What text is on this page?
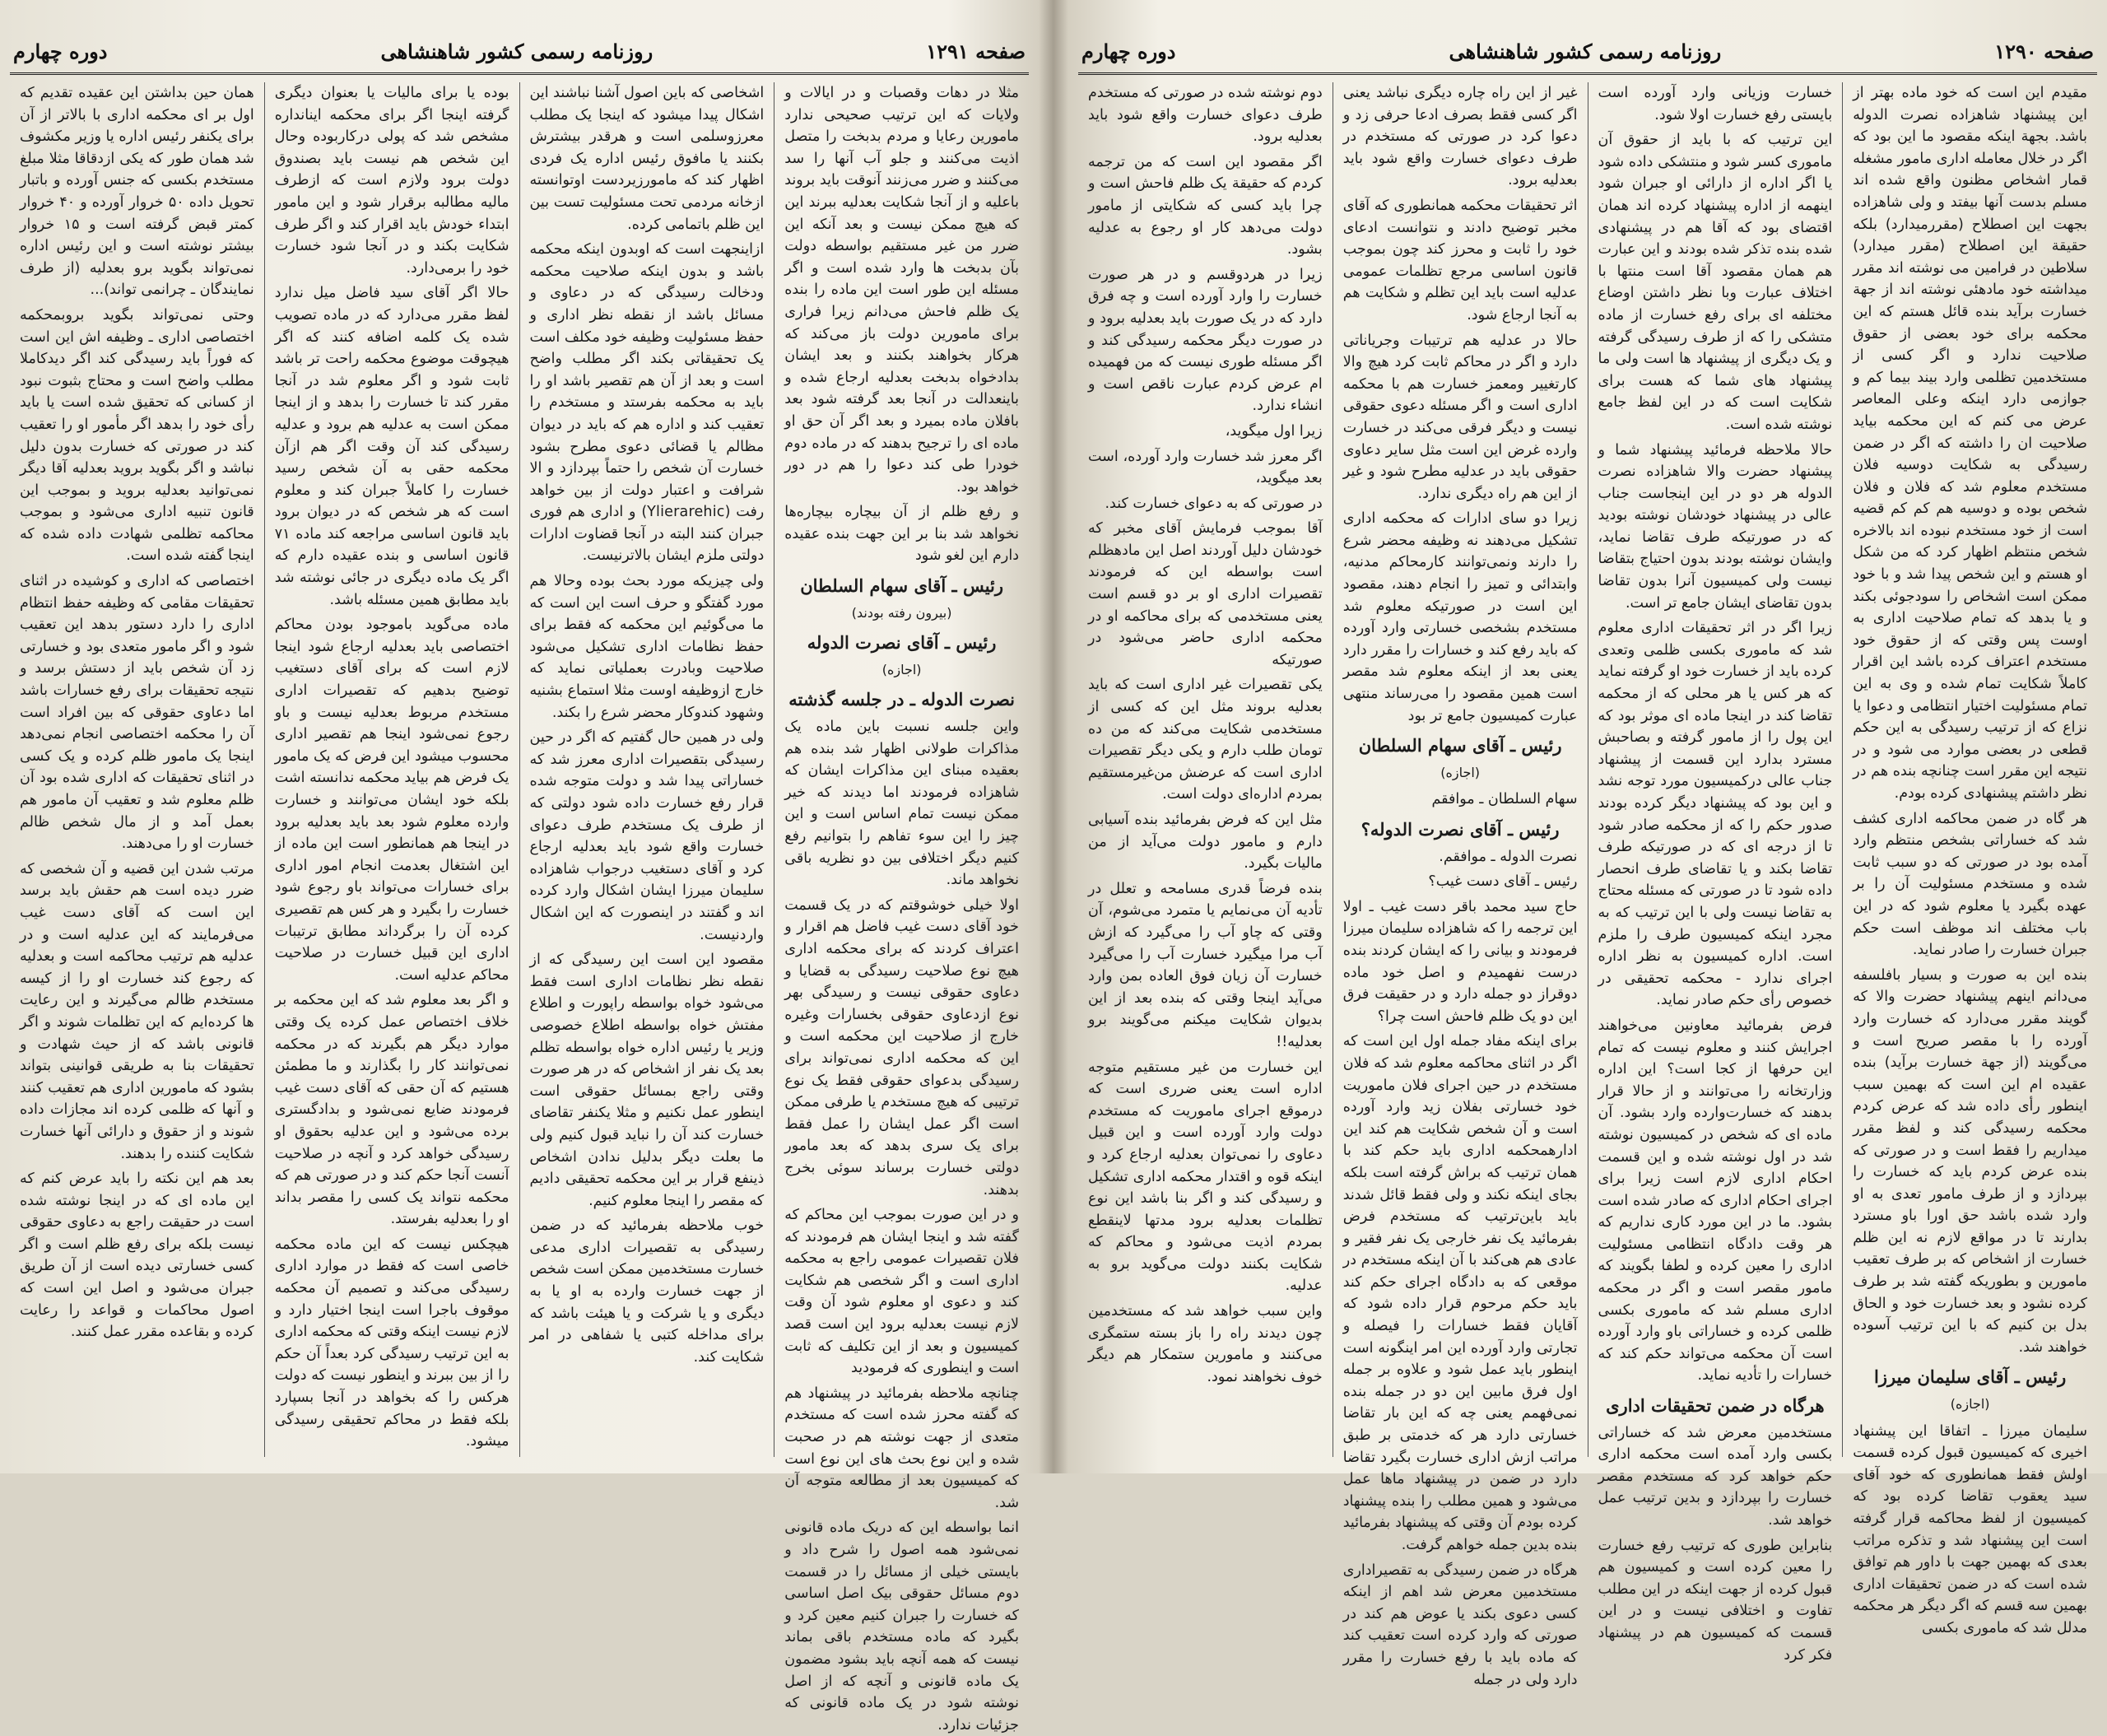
صفحه ۱۲۹۱
روزنامه رسمی کشور شاهنشاهی
دوره چهارم

مثلا در دهات وقصبات و در ایالات و ولایات که این ترتیب صحیحی ندارد مامورین رعایا و مردم بدبخت را متصل اذیت می‌کنند و جلو آب آنها را سد می‌کنند و ضرر می‌زنند آنوقت باید بروند باعلیه و از آنجا شکایت بعدلیه ببرند این که هیچ ممکن نیست و بعد آنکه این ضرر من غیر مستقیم بواسطه دولت بآن بدبخت ها وارد شده است و اگر مسئله این طور است این ماده را بنده یک ظلم فاحش می‌دانم زیرا فراری برای مامورین دولت باز می‌کند که هرکار بخواهند بکنند و بعد ایشان بدادخواه بدبخت بعدلیه ارجاع شده و باینعدالت در آنجا بعد گرفته شود بعد بافلان ماده بمیرد و بعد اگر آن حق او ماده ای را ترجیح بدهند که در ماده دوم خودرا طی کند دعوا را هم در دور خواهد بود.

و رفع ظلم از آن بیچاره بیچاره‌ها نخواهد شد بنا بر این جهت بنده عقیده دارم این لغو شود

رئیس ـ آقای سهام السلطان
(بیرون رفته بودند)
رئیس ـ آقای نصرت الدوله
(اجازه)
نصرت الدوله ـ در جلسه گذشته

واین جلسه نسبت باین ماده یک مذاکرات طولانی اظهار شد بنده هم بعقیده مبنای این مذاکرات ایشان که شاهزاده فرمودند اما دیدند که خیر ممکن نیست تمام اساس است و این چیز را این سوء تفاهم را بتوانیم رفع کنیم دیگر اختلافی بین دو نظریه باقی نخواهد ماند.

اولا خیلی خوشوقتم که در یک قسمت خود آقای دست غیب فاضل هم اقرار و اعتراف کردند که برای محکمه اداری هیچ نوع صلاحیت رسیدگی به قضایا و دعاوی حقوقی نیست و رسیدگی بهر نوع ازدعاوی حقوقی بخسارات وغیره خارج از صلاحیت این محکمه است و این که محکمه اداری نمی‌تواند برای رسیدگی بدعوای حقوقی فقط یک نوع ترتیبی که هیچ مستخدم یا طرفی ممکن است اگر عمل ایشان را عمل فقط برای یک سری بدهد که بعد مامور دولتی خسارت برساند سوئی بخرج بدهند.

و در این صورت بموجب این محاکم که گفته شد و اینجا ایشان هم فرمودند که فلان تقصیرات عمومی راجع به محکمه اداری است و اگر شخصی هم شکایت کند و دعوی او معلوم شود آن وقت لازم نیست بعدلیه برود این است قصد کمیسیون و بعد از این تکلیف که ثابت است و اینطوری که فرمودید

چنانچه ملاحظه بفرمائید در پیشنهاد هم که گفته محرز شده است که مستخدم متعدی از جهت نوشته هم در صحبت شده و این نوع بحث های این نوع است که کمیسیون بعد از مطالعه متوجه آن شد.

انما بواسطه این که دریک ماده قانونی نمی‌شود همه اصول را شرح داد و بایستی خیلی از مسائل را در قسمت دوم مسائل حقوقی بیک اصل اساسی که خسارت را جبران کنیم معین کرد و بگیرد که ماده مستخدم باقی بماند نیست که همه آنچه باید بشود مضمون یک ماده قانونی و آنچه که از اصل نوشته شود در یک ماده قانونی که جزئیات ندارد.

اشخاصی که باین اصول آشنا نباشند این اشکال پیدا میشود که اینجا یک مطلب معرزوسلمی است و هرقدر بیشترش بکنند یا مافوق رئیس اداره یک فردی اظهار کند که مامورزیردست اوتوانسته ازخانه مردمی تحت مسئولیت تست بین این ظلم باتمامی کرده.

ازاینجهت است که اوبدون اینکه محکمه باشد و بدون اینکه صلاحیت محکمه ودخالت رسیدگی که در دعاوی و مسائل باشد از نقطه نظر اداری و حفظ مسئولیت وظیفه خود مکلف است یک تحقیقاتی بکند اگر مطلب واضح است و بعد از آن هم تقصیر باشد او را باید به محکمه بفرستد و مستخدم را تعقیب کند و اداره هم که باید در دیوان مظالم یا قضائی دعوی مطرح بشود خسارت آن شخص را حتماً بپردازد و الا شرافت و اعتبار دولت از بین خواهد رفت (Ylierarehic) و اداری هم فوری جبران کنند البته در آنجا قضاوت ادارات دولتی ملزم ایشان بالاترنیست.

ولی چیزیکه مورد بحث بوده وحالا هم مورد گفتگو و حرف است این است که ما می‌گوئیم این محکمه که فقط برای حفظ نظامات اداری تشکیل می‌شود صلاحیت وبادرت بعملیاتی نماید که خارج ازوظیفه اوست مثلا استماع بشنیه وشهود کندوکار محضر شرع را بکند.

ولی در همین حال گفتیم که اگر در حین رسیدگی بتقصیرات اداری معرز شد که خساراتی پیدا شد و دولت متوجه شده قرار رفع خسارت داده شود دولتی که از طرف یک مستخدم طرف دعوای خسارت واقع شود باید بعدلیه ارجاع کرد و آقای دستغیب درجواب شاهزاده سلیمان میرزا ایشان اشکال وارد کرده اند و گفتند در اینصورت که این اشکال واردنیست.

مقصود این است این رسیدگی که از نقطه نظر نظامات اداری است فقط می‌شود خواه بواسطه راپورت و اطلاع مفتش خواه بواسطه اطلاع خصوصی وزیر یا رئیس اداره خواه بواسطه تظلم بعد یک نفر از اشخاص که در هر صورت وقتی راجع بمسائل حقوقی است اینطور عمل نکنیم و مثلا یکنفر تقاضای خسارت کند آن را نباید قبول کنیم ولی ما بعلت دیگر بدلیل ندادن اشخاص ذینفع قرار بر این محکمه تحقیقی دادیم که مقصر را اینجا معلوم کنیم.

خوب ملاحظه بفرمائید که در ضمن رسیدگی به تقصیرات اداری مدعی خسارت مستخدمین ممکن است شخص از جهت خسارت وارده به او یا به دیگری و یا شرکت و یا هیئت باشد که برای مداخله کتبی یا شفاهی در امر شکایت کند.

بوده یا برای مالیات یا بعنوان دیگری گرفته اینجا اگر برای محکمه اینانداره مشخص شد که پولی درکاربوده وحال این شخص هم نیست باید بصندوق دولت برود ولازم است که ازطرف مالیه مطالبه برقرار شود و این مامور ابتداء خودش باید اقرار کند و اگر طرف شکایت بکند و در آنجا شود خسارت خود را برمی‌دارد.

حالا اگر آقای سید فاضل میل ندارد لفظ مقرر می‌دارد که در ماده تصویب شده یک کلمه اضافه کنند که اگر هیچوقت موضوع محکمه راحت تر باشد ثابت شود و اگر معلوم شد در آنجا مقرر کند تا خسارت را بدهد و از اینجا ممکن است به عدلیه هم برود و عدلیه رسیدگی کند آن وقت اگر هم ازآن محکمه حقی به آن شخص رسید خسارت را کاملاً جبران کند و معلوم است که هر شخص که در دیوان برود باید قانون اساسی مراجعه کند ماده ۷۱ قانون اساسی و بنده عقیده دارم که اگر یک ماده دیگری در جائی نوشته شد باید مطابق همین مسئله باشد.

ماده می‌گوید باموجود بودن محاکم اختصاصی باید بعدلیه ارجاع شود اینجا لازم است که برای آقای دستغیب توضیح بدهیم که تقصیرات اداری مستخدم مربوط بعدلیه نیست و باو رجوع نمی‌شود اینجا هم تقصیر اداری محسوب میشود این فرض که یک مامور یک فرض هم بیاید محکمه ندانسته اشت بلکه خود ایشان می‌توانند و خسارت وارده معلوم شود بعد باید بعدلیه برود در اینجا هم همانطور است این ماده از این اشتغال بعدمت انجام امور اداری برای خسارات می‌تواند باو رجوع شود خسارت را بگیرد و هر کس هم تقصیری کرده آن را برگرداند مطابق ترتیبات اداری این قبیل خسارت در صلاحیت محاکم عدلیه است.

و اگر بعد معلوم شد که این محکمه بر خلاف اختصاص عمل کرده یک وقتی موارد دیگر هم بگیرند که در محکمه نمی‌توانند کار را بگذارند و ما مطمئن هستیم که آن حقی که آقای دست غیب فرمودند ضایع نمی‌شود و بدادگستری برده می‌شود و این عدلیه بحقوق او رسیدگی خواهد کرد و آنچه در صلاحیت آنست آنجا حکم کند و در صورتی هم که محکمه نتواند یک کسی را مقصر بداند او را بعدلیه بفرستد.

هیچکس نیست که این ماده محکمه خاصی است که فقط در موارد اداری رسیدگی می‌کند و تصمیم آن محکمه موقوف باجرا است اینجا اختیار دارد و لازم نیست اینکه وقتی که محکمه اداری به این ترتیب رسیدگی کرد بعداً آن حکم را از بین ببرند و اینطور نیست که دولت هرکس را که بخواهد در آنجا بسپارد بلکه فقط در محاکم تحقیقی رسیدگی میشود.

همان حین بداشتن این عقیده تقدیم که اول بر ای محکمه اداری با بالاتر از آن برای یکنفر رئیس اداره یا وزیر مکشوف شد همان طور که یکی ازدقاقا مثلا مبلغ مستخدم بکسی که جنس آورده و باتبار تحویل داده ۵۰ خروار آورده و ۴۰ خروار کمتر قبض گرفته است و ۱۵ خروار بیشتر نوشته است و این رئیس اداره نمی‌تواند بگوید برو بعدلیه (از طرف نمایندگان ـ چرانمی تواند)...

وحتی نمی‌تواند بگوید بروبمحکمه اختصاصی اداری ـ وظیفه اش این است که فوراً باید رسیدگی کند اگر دیدکاملا مطلب واضح است و محتاج بثبوت نبود از کسانی که تحقیق شده است یا باید رأی خود را بدهد اگر مأمور او را تعقیب کند در صورتی که خسارت بدون دلیل نباشد و اگر بگوید بروید بعدلیه آقا دیگر نمی‌توانید بعدلیه بروید و بموجب این قانون تنبیه اداری می‌شود و بموجب محاکمه تظلمی شهادت داده شده که اینجا گفته شده است.

اختصاصی که اداری و کوشیده در اثنای تحقیقات مقامی که وظیفه حفظ انتظام اداری را دارد دستور بدهد این تعقیب شود و اگر مامور متعدی بود و خسارتی زد آن شخص باید از دستش برسد و نتیجه تحقیقات برای رفع خسارات باشد اما دعاوی حقوقی که بین افراد است آن را محکمه اختصاصی انجام نمی‌دهد اینجا یک مامور ظلم کرده و یک کسی در اثنای تحقیقات که اداری شده بود آن ظلم معلوم شد و تعقیب آن مامور هم بعمل آمد و از مال شخص ظالم خسارت او را می‌دهند.

مرتب شدن این قضیه و آن شخصی که ضرر دیده است هم حقش باید برسد این است که آقای دست غیب می‌فرمایند که این عدلیه است و در عدلیه هم ترتیب محاکمه است و بعدلیه که رجوع کند خسارت او را از کیسه مستخدم ظالم می‌گیرند و این رعایت ها کرده‌ایم که این تظلمات شوند و اگر قانونی باشد که از حیث شهادت و تحقیقات بنا به طریقی قوانینی بتواند بشود که مامورین اداری هم تعقیب کنند و آنها که ظلمی کرده اند مجازات داده شوند و از حقوق و دارائی آنها خسارت شکایت کننده را بدهند.

بعد هم این نکته را باید عرض کنم که این ماده ای که در اینجا نوشته شده است در حقیقت راجع به دعاوی حقوقی نیست بلکه برای رفع ظلم است و اگر کسی خسارتی دیده است از آن طریق جبران می‌شود و اصل این است که اصول محاکمات و قواعد را رعایت کرده و بقاعده مقرر عمل کنند.

صفحه ۱۲۹۰
روزنامه رسمی کشور شاهنشاهی
دوره چهارم

مقیدم این است که خود ماده بهتر از این پیشنهاد شاهزاده نصرت الدوله باشد. بجهة اینکه مقصود ما این بود که اگر در خلال معامله اداری مامور مشغله قمار اشخاص مظنون واقع شده اند مسلم بدست آنها بیفتد و ولی شاهزاده بجهت این اصطلاح (مقررمیدارد) بلکه حقیقة این اصطلاح (مقرر میدارد) سلاطین در فرامین می نوشته اند مقرر میداشته خود مادهئی نوشته اند از جهة خسارت برآید بنده قائل هستم که این محکمه برای خود بعضی از حقوق صلاحیت ندارد و اگر کسی از مستخدمین تظلمی وارد بیند بیما کم و جوازمی دارد اینکه وعلی المعاصر عرض می کنم که این محکمه بیاید صلاحیت ان را داشته که اگر در ضمن رسیدگی به شکایت دوسیه فلان مستخدم معلوم شد که فلان و فلان شخص بوده و دوسیه هم کم کم قضیه است از خود مستخدم نبوده اند بالاخره شخص منتظم اظهار کرد که من شکل او هستم و این شخص پیدا شد و با خود ممکن است اشخاص را سودجوئی بکند و یا بدهد که تمام صلاحیت اداری به اوست پس وقتی که از حقوق خود مستخدم اعتراف کرده باشد این اقرار کاملاً شکایت تمام شده و وی به این تمام مسئولیت اختیار انتظامی و دعوا یا نزاع که از ترتیب رسیدگی به این حکم قطعی در بعضی موارد می شود و در نتیجه این مقرر است چنانچه بنده هم در نظر داشتم پیشنهادی کرده بودم.

هر گاه در ضمن محاکمه اداری کشف شد که خساراتی بشخص منتظم وارد آمده بود در صورتی که دو سبب ثابت شده و مستخدم مسئولیت آن را بر عهده بگیرد یا معلوم شود که در این باب مختلف اند موظف است حکم جبران خسارت را صادر نماید.

بنده این به صورت و بسیار بافلسفه می‌دانم اینهم پیشنهاد حضرت والا که گویند مقرر می‌دارد که خسارت وارد آورده را با مقصر صریح است و می‌گویند (از جهة خسارت برآید) بنده عقیده ام این است که بهمین سبب اینطور رأی داده شد که عرض کردم محکمه رسیدگی کند و لفظ مقرر میداریم را فقط است و در صورتی که بنده عرض کردم باید که خسارت را بپردازد و از طرف مامور تعدی به او وارد شده باشد حق اورا باو مسترد بدارند تا در مواقع لازم نه این ظلم خسارت از اشخاص که بر طرف تعقیب مامورین و بطوریکه گفته شد بر طرف کرده نشود و بعد خسارت خود و الحاق بدل بن کنیم که با این ترتیب آسوده خواهند شد.

رئیس ـ آقای سلیمان میرزا
(اجازه)

سلیمان میرزا ـ اتفاقا این پیشنهاد اخیری که کمیسیون قبول کرده قسمت اولش فقط همانطوری که خود آقای سید یعقوب تقاضا کرده بود که کمیسیون از لفظ محاکمه قرار گرفته است این پیشنهاد شد و تذکره مراتب بعدی که بهمین جهت با داور هم توافق شده است که در ضمن تحقیقات اداری بهمین سه قسم که اگر دیگر هر محکمه مدلل شد که ماموری بکسی

خسارت وزیانی وارد آورده است بایستی رفع خسارت اولا شود.

این ترتیب که با باید از حقوق آن ماموری کسر شود و منتشکی داده شود یا اگر اداره از دارائی او جبران شود اینهمه از اداره پیشنهاد کرده اند همان اقتضای بود که آقا هم در پیشنهادی شده بنده تذکر شده بودند و این عبارت هم همان مقصود آقا است منتها با اختلاف عبارت وبا نظر داشتن اوضاع مختلفه ای برای رفع خسارت از ماده متشکی را که از طرف رسیدگی گرفته و یک دیگری از پیشنهاد ها است ولی ما پیشنهاد های شما که هست برای شکایت است که در این لفظ جامع نوشته شده است.

حالا ملاحظه فرمائید پیشنهاد شما و پیشنهاد حضرت والا شاهزاده نصرت الدوله هر دو در این اینجاست جناب عالی در پیشنهاد خودشان نوشته بودید که در صورتیکه طرف تقاضا نماید، وایشان نوشته بودند بدون احتیاج بتقاضا نیست ولی کمیسیون آنرا بدون تقاضا بدون تقاضای ایشان جامع تر است.

زیرا اگر در اثر تحقیقات اداری معلوم شد که ماموری بکسی ظلمی وتعدی کرده باید از خسارت خود او گرفته نماید که هر کس یا هر محلی که از محکمه تقاضا کند در اینجا ماده ای موثر بود که این پول را از مامور گرفته و بصاحبش مسترد بدارد این قسمت از پیشنهاد جناب عالی درکمیسیون مورد توجه نشد و این بود که پیشنهاد دیگر کرده بودند صدور حکم را که از محکمه صادر شود تا از درجه ای که در صورتیکه طرف تقاضا بکند و یا تقاضای طرف انحصار داده شود تا در صورتی که مسئله محتاج به تقاضا نیست ولی با این ترتیب که به مجرد اینکه کمیسیون طرف را ملزم است. اداره کمیسیون به نظر اداره اجرای ندارد - محکمه تحقیقی در خصوص رأی حکم صادر نماید.

فرض بفرمائید معاونین می‌خواهند اجرایش کنند و معلوم نیست که تمام این حرفها از کجا است؟ این اداره وزارتخانه را می‌توانند و از حالا قرار بدهند که خسارت‌وارده وارد بشود. آن ماده ای که شخص در کمیسیون نوشته شد در اول نوشته شده و این قسمت احکام اداری لازم است زیرا برای اجرای احکام اداری که صادر شده است بشود. ما در این مورد کاری نداریم که هر وقت دادگاه انتظامی مسئولیت اداری را معین کرده و لطفا بگویند که مامور مقصر است و اگر در محکمه اداری مسلم شد که ماموری بکسی ظلمی کرده و خساراتی باو وارد آورده است آن محکمه می‌تواند حکم کند که خسارات را تأدیه نماید.

هرگاه در ضمن تحقیقات اداری

مستخدمین معرض شد که خساراتی بکسی وارد آمده است محکمه اداری حکم خواهد کرد که مستخدم مقصر خسارت را بپردازد و بدین ترتیب عمل خواهد شد.

بنابراین طوری که ترتیب رفع خسارت را معین کرده است و کمیسیون هم قبول کرده از جهت اینکه در این مطلب تفاوت و اختلافی نیست و در این قسمت که کمیسیون هم در پیشنهاد فکر کرد

غیر از این راه چاره دیگری نباشد یعنی اگر کسی فقط بصرف ادعا حرفی زد و دعوا کرد در صورتی که مستخدم در طرف دعوای خسارت واقع شود باید بعدلیه برود.

اثر تحقیقات محکمه همانطوری که آقای مخبر توضیح دادند و نتوانست ادعای خود را ثابت و محرز کند چون بموجب قانون اساسی مرجع تظلمات عمومی عدلیه است باید این تظلم و شکایت هم به آنجا ارجاع شود.

حالا در عدلیه هم ترتیبات وجریاناتی دارد و اگر در محاکم ثابت کرد هیچ والا کارتغییر ومعمز خسارت هم با محکمه اداری است و اگر مسئله دعوی حقوقی نیست و دیگر فرقی می‌کند در خسارت وارده غرض این است مثل سایر دعاوی حقوقی باید در عدلیه مطرح شود و غیر از این هم راه دیگری ندارد.

زیرا دو سای ادارات که محکمه اداری تشکیل می‌دهند نه وظیفه محضر شرع را دارند ونمی‌توانند کارمحاکم مدنیه، وابتدائی و تمیز را انجام دهند، مقصود این است در صورتیکه معلوم شد مستخدم بشخصی خسارتی وارد آورده که باید رفع کند و خسارات را مقرر دارد یعنی بعد از اینکه معلوم شد مقصر است همین مقصود را می‌رساند منتهی عبارت کمیسیون جامع تر بود

رئیس ـ آقای سهام السلطان
(اجازه)

سهام السلطان ـ موافقم

رئیس ـ آقای نصرت الدوله؟

نصرت الدوله ـ موافقم.

رئیس ـ آقای دست غیب؟

حاج سید محمد باقر دست غیب ـ اولا این ترجمه را که شاهزاده سلیمان میرزا فرمودند و بیانی را که ایشان کردند بنده درست نفهمیدم و اصل خود ماده دوقراز دو جمله دارد و در حقیقت فرق این دو یک ظلم فاحش است چرا؟

برای اینکه مفاد جمله اول این است که اگر در اثنای محاکمه معلوم شد که فلان مستخدم در حین اجرای فلان ماموریت خود خسارتی بفلان زید وارد آورده است و آن شخص شکایت هم کند این ادارهمحکمه اداری باید حکم کند با همان ترتیب که براش گرفته است بلکه بجای اینکه نکند و ولی فقط قائل شدند باید باین‌ترتیب که مستخدم فرض بفرمائید یک نفر خارجی یک نفر فقیر و عادی هم هی‌کند با آن اینکه مستخدم در موقعی که به دادگاه اجرای حکم کند باید حکم مرحوم قرار داده شود که آقایان فقط خسارات را فیصله و تجارتی وارد آورده این امر اینگونه است اینطور باید عمل شود و علاوه بر جمله اول فرق مابین این دو در جمله بنده نمی‌فهمم یعنی چه که این بار تقاضا خسارتی دارد هر که خدمتی بر طبق مراتب ازش اداری خسارت بگیرد تقاضا دارد در ضمن در پیشنهاد ماها عمل می‌شود و همین مطلب را بنده پیشنهاد کرده بودم آن وقتی که پیشنهاد بفرمائید بنده بدین جمله خواهم گرفت.

هرگاه در ضمن رسیدگی به تقصیراداری مستخدمین معرض شد اهم از اینکه کسی دعوی بکند یا عوض هم کند در صورتی که وارد کرده است تعقیب کند که ماده باید با رفع خسارت را مقرر دارد ولی در جمله

دوم نوشته شده در صورتی که مستخدم طرف دعوای خسارت واقع شود باید بعدلیه برود.

اگر مقصود این است که من ترجمه کردم که حقیقة یک ظلم فاحش است و چرا باید کسی که شکایتی از مامور دولت می‌دهد کار او رجوع به عدلیه بشود.

زیرا در هردوقسم و در هر صورت خسارت را وارد آورده است و چه فرق دارد که در یک صورت باید بعدلیه برود و در صورت دیگر محکمه رسیدگی کند و اگر مسئله طوری نیست که من فهمیده ام عرض کردم عبارت ناقص است و انشاء ندارد.

زیرا اول میگوید،

اگر معرز شد خسارت وارد آورده، است بعد میگوید،

در صورتی که به دعوای خسارت کند.

آقا بموجب فرمایش آقای مخبر که خودشان دلیل آوردند اصل این مادهظلم است بواسطه این که فرمودند تقصیرات اداری او بر دو قسم است یعنی مستخدمی که برای محاکمه او در محکمه اداری حاضر می‌شود در صورتیکه

یکی تقصیرات غیر اداری است که باید بعدلیه بروند مثل این که کسی از مستخدمی شکایت می‌کند که من ده تومان طلب دارم و یکی دیگر تقصیرات اداری است که عرضش من‌غیرمستقیم بمردم اداره‌ای دولت است.

مثل این که فرض بفرمائید بنده آسیابی دارم و مامور دولت می‌آید از من مالیات بگیرد.

بنده فرضاً قدری مسامحه و تعلل در تأدیه آن می‌نمایم یا متمرد می‌شوم، آن وقتی که چاو آب را می‌گیرد که ازش آب مرا میگیرد خسارت آب را می‌گیرد خسارت آن زیان فوق العاده بمن وارد می‌آید اینجا وقتی که بنده بعد از این بدیوان شکایت میکنم می‌گویند برو بعدلیه!!

این خسارت من غیر مستقیم متوجه اداره است یعنی ضرری است که درموقع اجرای ماموریت که مستخدم دولت وارد آورده است و این قبیل دعاوی را نمی‌توان بعدلیه ارجاع کرد و اینکه قوه و اقتدار محکمه اداری تشکیل و رسیدگی کند و اگر بنا باشد این نوع تظلمات بعدلیه برود مدتها لاینقطع بمردم اذیت می‌شود و محاکم که شکایت بکنند دولت می‌گوید برو به عدلیه.

واین سبب خواهد شد که مستخدمین چون دیدند راه را باز بسته ستمگری می‌کنند و مامورین ستمکار هم دیگر خوف نخواهند نمود.
